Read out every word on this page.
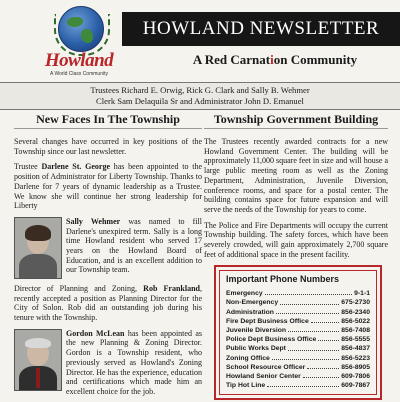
Howland
A World Class Community
HOWLAND NEWSLETTER
A Red Carnation Community
Trustees Richard E. Orwig, Rick G. Clark and Sally B. Wehmer
Clerk Sam Delaquila Sr and Administrator John D. Emanuel
New Faces In The Township

Several changes have occurred in key positions of the Township since our last newsletter.

Trustee Darlene St. George has been appointed to the position of Administrator for Liberty Township. Thanks to Darlene for 7 years of dynamic leadership as a Trustee. We know she will continue her strong leadership for Liberty

Sally Wehmer was named to fill Darlene's unexpired term. Sally is a long time Howland resident who served 17 years on the Howland Board of Education, and is an excellent addition to our Township team.

Director of Planning and Zoning, Rob Frankland, recently accepted a position as Planning Director for the City of Solon. Rob did an outstanding job during his tenure with the Township.

Gordon McLean has been appointed as the new Planning & Zoning Director. Gordon is a Township resident, who previously served as Howland's Zoning Director. He has the experience, education and certifications which made him an excellent choice for the job.

Township Government Building

The Trustees recently awarded contracts for a new Howland Government Center. The building will be approximately 11,000 square feet in size and will house a large public meeting room as well as the Zoning Department, Administration, Juvenile Diversion, conference rooms, and space for a postal center. The building contains space for future expansion and will serve the needs of the Township for years to come.

The Police and Fire Departments will occupy the current Township building. The safety forces, which have been severely crowded, will gain approximately 2,700 square feet of additional space in the present facility.

Important Phone Numbers
Emergency	9-1-1
Non-Emergency	675-2730
Administration	856-2340
Fire Dept Business Office	856-5022
Juvenile Diversion	856-7408
Police Dept Business Office	856-5555
Public Works Dept	856-4837
Zoning Office	856-5223
School Resource Officer	856-8905
Howland Senior Center	609-7806
Tip Hot Line	609-7867
